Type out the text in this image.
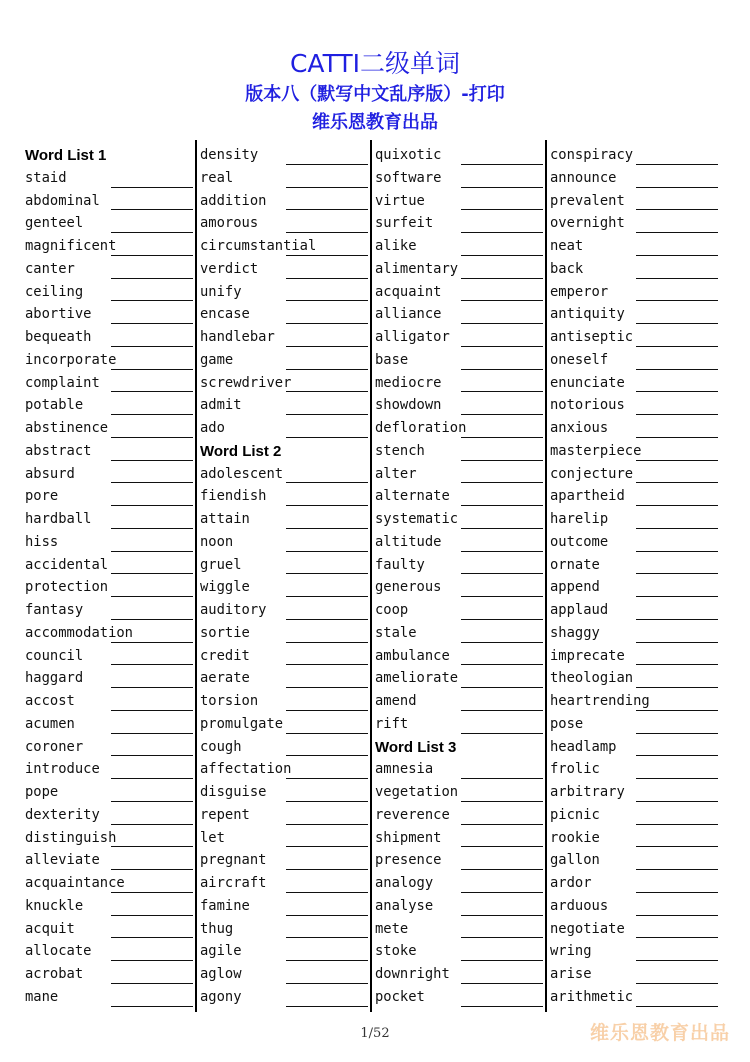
CATTI二级单词
版本八（默写中文乱序版）-打印
维乐恩教育出品
Word List 1
staid
abdominal
genteel
magnificent
canter
ceiling
abortive
bequeath
incorporate
complaint
potable
abstinence
abstract
absurd
pore
hardball
hiss
accidental
protection
fantasy
accommodation
council
haggard
accost
acumen
coroner
introduce
pope
dexterity
distinguish
alleviate
acquaintance
knuckle
acquit
allocate
acrobat
mane
density
real
addition
amorous
circumstantial
verdict
unify
encase
handlebar
game
screwdriver
admit
ado
Word List 2
adolescent
fiendish
attain
noon
gruel
wiggle
auditory
sortie
credit
aerate
torsion
promulgate
cough
affectation
disguise
repent
let
pregnant
aircraft
famine
thug
agile
aglow
agony
quixotic
software
virtue
surfeit
alike
alimentary
acquaint
alliance
alligator
base
mediocre
showdown
defloration
stench
alter
alternate
systematic
altitude
faulty
generous
coop
stale
ambulance
ameliorate
amend
rift
Word List 3
amnesia
vegetation
reverence
shipment
presence
analogy
analyse
mete
stoke
downright
pocket
conspiracy
announce
prevalent
overnight
neat
back
emperor
antiquity
antiseptic
oneself
enunciate
notorious
anxious
masterpiece
conjecture
apartheid
harelip
outcome
ornate
append
applaud
shaggy
imprecate
theologian
heartrending
pose
headlamp
frolic
arbitrary
picnic
rookie
gallon
ardor
arduous
negotiate
wring
arise
arithmetic
1/52	维乐恩教育出品
